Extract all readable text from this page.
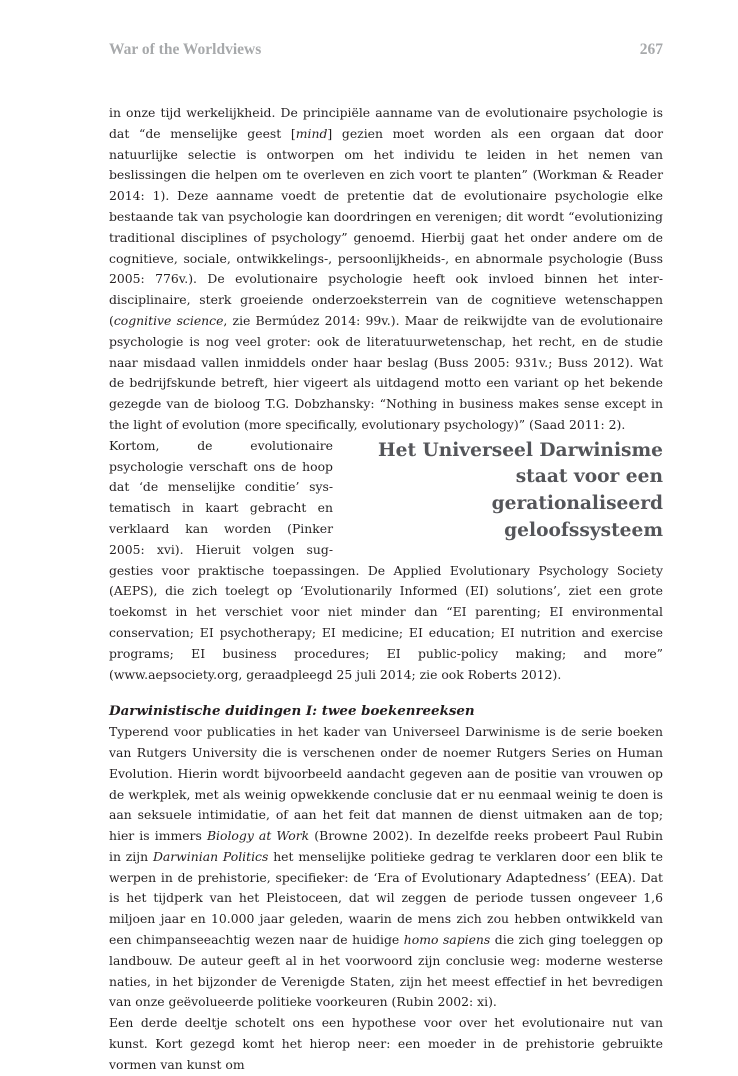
War of the Worldviews	267

in onze tijd werkelijkheid. De principiële aanname van de evolutionaire psychologie is dat “de menselijke geest [mind] gezien moet worden als een orgaan dat door natuurlijke selectie is ontworpen om het individu te leiden in het nemen van beslissingen die helpen om te overleven en zich voort te planten” (Workman & Reader 2014: 1). Deze aanname voedt de pretentie dat de evolutionaire psychologie elke bestaande tak van psychologie kan doordringen en verenigen; dit wordt “evolutionizing traditional disciplines of psychology” genoemd. Hierbij gaat het onder andere om de cognitieve, sociale, ontwikkelings-, persoonlijkheids-, en abnormale psychologie (Buss 2005: 776v.). De evolutionaire psychologie heeft ook invloed binnen het interdisciplinaire, sterk groeiende onderzoeksterrein van de cognitieve wetenschappen (cognitive science, zie Bermúdez 2014: 99v.). Maar de reikwijdte van de evolutionaire psychologie is nog veel groter: ook de literatuurwetenschap, het recht, en de studie naar misdaad vallen inmiddels onder haar beslag (Buss 2005: 931v.; Buss 2012). Wat de bedrijfskunde betreft, hier vigeert als uitdagend motto een variant op het bekende gezegde van de bioloog T.G. Dobzhansky: “Nothing in business makes sense except in the light of evolution (more specifically, evolutionary psychology)” (Saad 2011: 2).

Het Universeel Darwinisme staat voor een gerationaliseerd geloofssysteem
Kortom, de evolutionaire psychologie verschaft ons de hoop dat ‘de menselijke conditie’ systematisch in kaart gebracht en verklaard kan worden (Pinker 2005: xvi). Hieruit volgen suggesties voor praktische toepassingen. De Applied Evolutionary Psychology Society (AEPS), die zich toelegt op ‘Evolutionarily Informed (EI) solutions’, ziet een grote toekomst in het verschiet voor niet minder dan “EI parenting; EI environmental conservation; EI psychotherapy; EI medicine; EI education; EI nutrition and exercise programs; EI business procedures; EI public-policy making; and more” (www.aepsociety.org, geraadpleegd 25 juli 2014; zie ook Roberts 2012).

Darwinistische duidingen I: twee boekenreeksen

Typerend voor publicaties in het kader van Universeel Darwinisme is de serie boeken van Rutgers University die is verschenen onder de noemer Rutgers Series on Human Evolution. Hierin wordt bijvoorbeeld aandacht gegeven aan de positie van vrouwen op de werkplek, met als weinig opwekkende conclusie dat er nu eenmaal weinig te doen is aan seksuele intimidatie, of aan het feit dat mannen de dienst uitmaken aan de top; hier is immers Biology at Work (Browne 2002). In dezelfde reeks probeert Paul Rubin in zijn Darwinian Politics het menselijke politieke gedrag te verklaren door een blik te werpen in de prehistorie, specifieker: de ‘Era of Evolutionary Adaptedness’ (EEA). Dat is het tijdperk van het Pleistoceen, dat wil zeggen de periode tussen ongeveer 1,6 miljoen jaar en 10.000 jaar geleden, waarin de mens zich zou hebben ontwikkeld van een chimpanseeachtig wezen naar de huidige homo sapiens die zich ging toeleggen op landbouw. De auteur geeft al in het voorwoord zijn conclusie weg: moderne westerse naties, in het bijzonder de Verenigde Staten, zijn het meest effectief in het bevredigen van onze geëvolueerde politieke voorkeuren (Rubin 2002: xi).

Een derde deeltje schotelt ons een hypothese voor over het evolutionaire nut van kunst. Kort gezegd komt het hierop neer: een moeder in de prehistorie gebruikte vormen van kunst om
